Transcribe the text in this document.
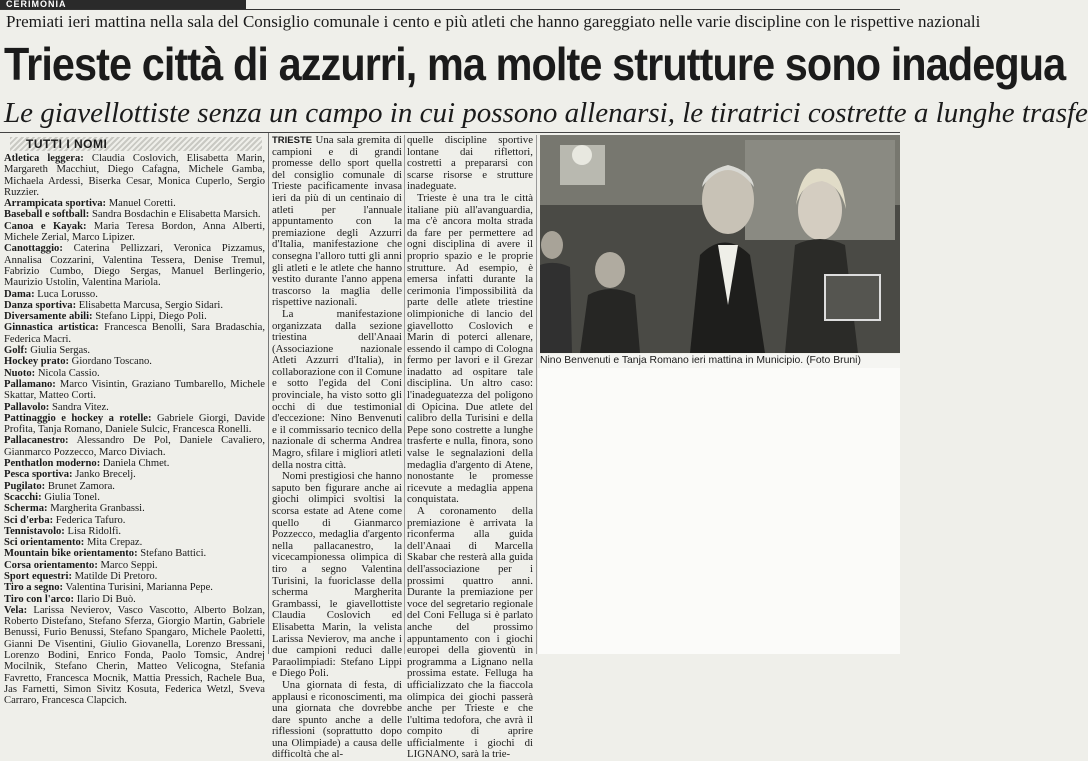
CERIMONIA
Premiati ieri mattina nella sala del Consiglio comunale i cento e più atleti che hanno gareggiato nelle varie discipline con le rispettive nazionali
Trieste città di azzurri, ma molte strutture sono inadegua
Le giavellottiste senza un campo in cui possono allenarsi, le tiratrici costrette a lunghe trasfe
TUTTI I NOMI

Atletica leggera: Claudia Coslovich, Elisabetta Marin, Margareth Macchiut, Diego Cafagna, Michele Gamba, Michaela Ardessi, Biserka Cesar, Monica Cuperlo, Sergio Ruzzier.

Arrampicata sportiva: Manuel Coretti.

Baseball e softball: Sandra Bosdachin e Elisabetta Marsich.

Canoa e Kayak: Maria Teresa Bordon, Anna Alberti, Michele Zerial, Marco Lipizer.

Canottaggio: Caterina Pellizzari, Veronica Pizzamus, Annalisa Cozzarini, Valentina Tessera, Denise Tremul, Fabrizio Cumbo, Diego Sergas, Manuel Berlingerio, Maurizio Ustolin, Valentina Mariola.

Dama: Luca Lorusso.

Danza sportiva: Elisabetta Marcusa, Sergio Sidari.

Diversamente abili: Stefano Lippi, Diego Poli.

Ginnastica artistica: Francesca Benolli, Sara Bradaschia, Federica Macri.

Golf: Giulia Sergas.

Hockey prato: Giordano Toscano.

Nuoto: Nicola Cassio.

Pallamano: Marco Visintin, Graziano Tumbarello, Michele Skattar, Matteo Corti.

Pallavolo: Sandra Vitez.

Pattinaggio e hockey a rotelle: Gabriele Giorgi, Davide Profita, Tanja Romano, Daniele Sulcic, Francesca Ronelli.

Pallacanestro: Alessandro De Pol, Daniele Cavaliero, Gianmarco Pozzecco, Marco Diviach.

Penthatlon moderno: Daniela Chmet.

Pesca sportiva: Janko Brecelj.

Pugilato: Brunet Zamora.

Scacchi: Giulia Tonel.

Scherma: Margherita Granbassi.

Sci d'erba: Federica Tafuro.

Tennistavolo: Lisa Ridolfi.

Sci orientamento: Mita Crepaz.

Mountain bike orientamento: Stefano Battici.

Corsa orientamento: Marco Seppi.

Sport equestri: Matilde Di Pretoro.

Tiro a segno: Valentina Turisini, Marianna Pepe.

Tiro con l'arco: Ilario Di Buò.

Vela: Larissa Nevierov, Vasco Vascotto, Alberto Bolzan, Roberto Distefano, Stefano Sferza, Giorgio Martin, Gabriele Benussi, Furio Benussi, Stefano Spangaro, Michele Paoletti, Gianni De Visentini, Giulio Giovanella, Lorenzo Bressani, Lorenzo Bodini, Enrico Fonda, Paolo Tomsic, Andrej Mocilnik, Stefano Cherin, Matteo Velicogna, Stefania Favretto, Francesca Mocnik, Mattia Pressich, Rachele Bua, Jas Farnetti, Simon Sivitz Kosuta, Federica Wetzl, Sveva Carraro, Francesca Clapcich.

TRIESTE Una sala gremita di campioni e di grandi promesse dello sport quella del consiglio comunale di Trieste pacificamente invasa ieri da più di un centinaio di atleti per l'annuale appuntamento con la premiazione degli Azzurri d'Italia, manifestazione che consegna l'alloro tutti gli anni gli atleti e le atlete che hanno vestito durante l'anno appena trascorso la maglia delle rispettive nazionali.

La manifestazione organizzata dalla sezione triestina dell'Anaai (Associazione nazionale Atleti Azzurri d'Italia), in collaborazione con il Comune e sotto l'egida del Coni provinciale, ha visto sotto gli occhi di due testimonial d'eccezione: Nino Benvenuti e il commissario tecnico della nazionale di scherma Andrea Magro, sfilare i migliori atleti della nostra città.

Nomi prestigiosi che hanno saputo ben figurare anche ai giochi olimpici svoltisi la scorsa estate ad Atene come quello di Gianmarco Pozzecco, medaglia d'argento nella pallacanestro, la vicecampionessa olimpica di tiro a segno Valentina Turisini, la fuoriclasse della scherma Margherita Grambassi, le giavellottiste Claudia Coslovich ed Elisabetta Marin, la velista Larissa Nevierov, ma anche i due campioni reduci dalle Paraolimpiadi: Stefano Lippi e Diego Poli.

Una giornata di festa, di applausi e riconoscimenti, ma una giornata che dovrebbe dare spunto anche a delle riflessioni (soprattutto dopo una Olimpiade) a causa delle difficoltà che al-

quelle discipline sportive lontane dai riflettori, costretti a prepararsi con scarse risorse e strutture inadeguate.

Trieste è una tra le città italiane più all'avanguardia, ma c'è ancora molta strada da fare per permettere ad ogni disciplina di avere il proprio spazio e le proprie strutture. Ad esempio, è emersa infatti durante la cerimonia l'impossibilità da parte delle atlete triestine olimpioniche di lancio del giavellotto Coslovich e Marin di poterci allenare, essendo il campo di Cologna fermo per lavori e il Grezar inadatto ad ospitare tale disciplina. Un altro caso: l'inadeguatezza del poligono di Opicina. Due atlete del calibro della Turisini e della Pepe sono costrette a lunghe trasferte e nulla, finora, sono valse le segnalazioni della medaglia d'argento di Atene, nonostante le promesse ricevute a medaglia appena conquistata.

A coronamento della premiazione è arrivata la riconferma alla guida dell'Anaai di Marcella Skabar che resterà alla guida dell'associazione per i prossimi quattro anni. Durante la premiazione per voce del segretario regionale del Coni Felluga si è parlato anche del prossimo appuntamento con i giochi europei della gioventù in programma a Lignano nella prossima estate. Felluga ha ufficializzato che la fiaccola olimpica dei giochi passerà anche per Trieste e che l'ultima tedofora, che avrà il compito di aprire ufficialmente i giochi di LIGNANO, sarà la trie-

Nino Benvenuti e Tanja Romano ieri mattina in Municipio. (Foto Bruni)
